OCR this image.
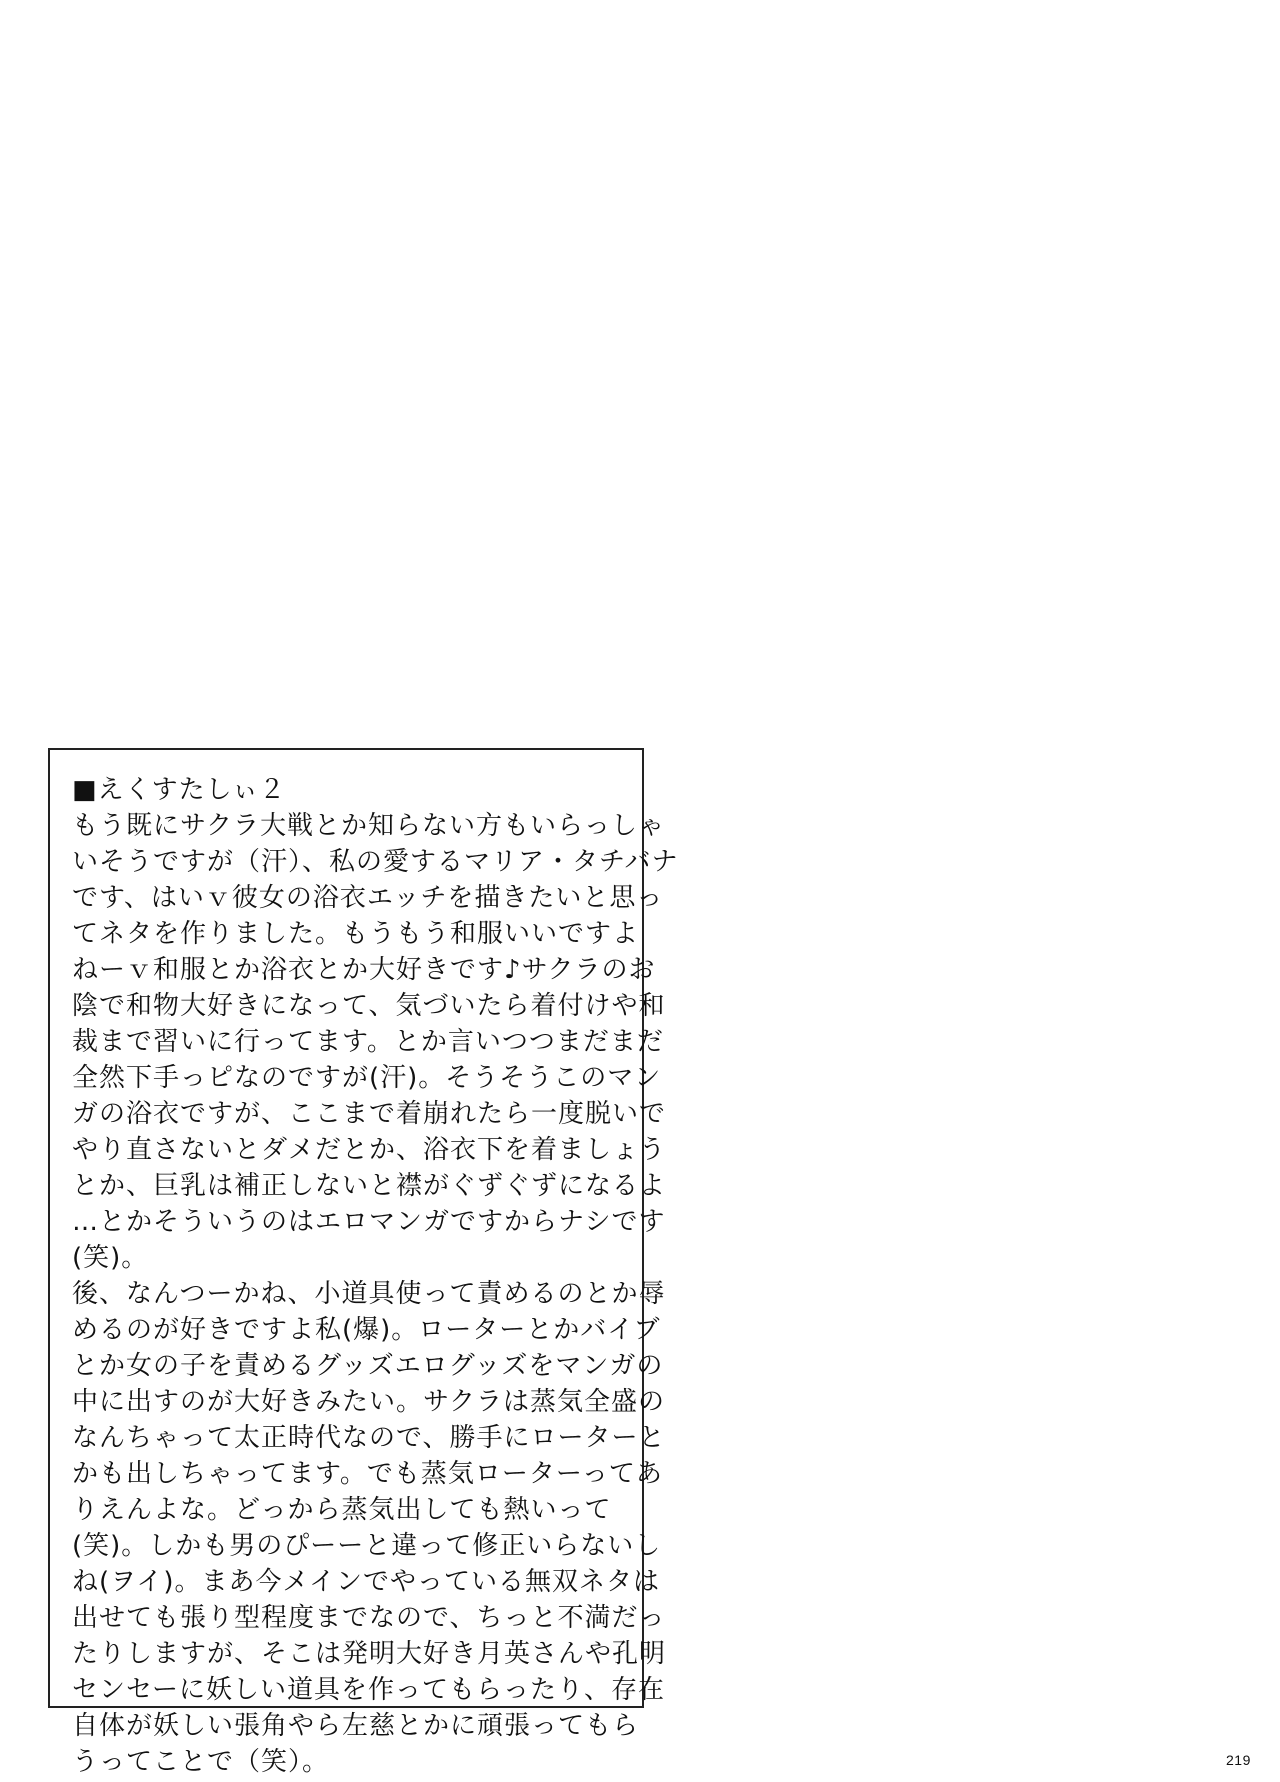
■えくすたしぃ２
もう既にサクラ大戦とか知らない方もいらっしゃ
いそうですが（汗）、私の愛するマリア・タチバナ
です、はいｖ彼女の浴衣エッチを描きたいと思っ
てネタを作りました。もうもう和服いいですよ
ねーｖ和服とか浴衣とか大好きです♪サクラのお
陰で和物大好きになって、気づいたら着付けや和
裁まで習いに行ってます。とか言いつつまだまだ
全然下手っピなのですが(汗)。そうそうこのマン
ガの浴衣ですが、ここまで着崩れたら一度脱いで
やり直さないとダメだとか、浴衣下を着ましょう
とか、巨乳は補正しないと襟がぐずぐずになるよ
…とかそういうのはエロマンガですからナシです
(笑)。
後、なんつーかね、小道具使って責めるのとか辱
めるのが好きですよ私(爆)。ローターとかバイブ
とか女の子を責めるグッズエログッズをマンガの
中に出すのが大好きみたい。サクラは蒸気全盛の
なんちゃって太正時代なので、勝手にローターと
かも出しちゃってます。でも蒸気ローターってあ
りえんよな。どっから蒸気出しても熱いって
(笑)。しかも男のぴーーと違って修正いらないし
ね(ヲイ)。まあ今メインでやっている無双ネタは
出せても張り型程度までなので、ちっと不満だっ
たりしますが、そこは発明大好き月英さんや孔明
センセーに妖しい道具を作ってもらったり、存在
自体が妖しい張角やら左慈とかに頑張ってもら
うってことで（笑）。	219
